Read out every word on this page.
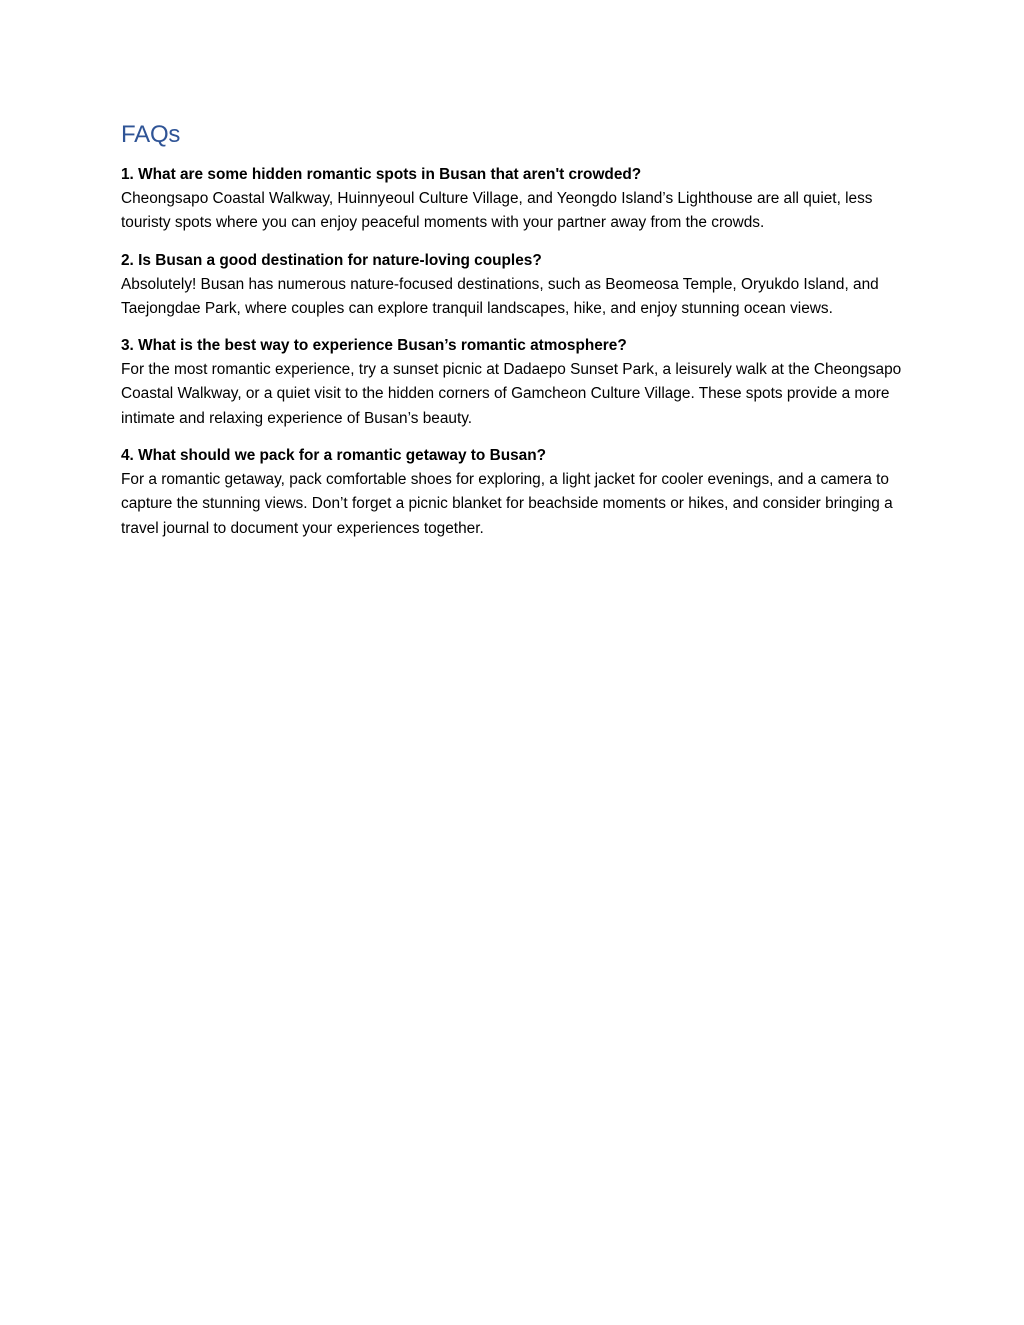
FAQs

1. What are some hidden romantic spots in Busan that aren't crowded?

Cheongsapo Coastal Walkway, Huinnyeoul Culture Village, and Yeongdo Island’s Lighthouse are all quiet, less touristy spots where you can enjoy peaceful moments with your partner away from the crowds.

2. Is Busan a good destination for nature-loving couples?

Absolutely! Busan has numerous nature-focused destinations, such as Beomeosa Temple, Oryukdo Island, and Taejongdae Park, where couples can explore tranquil landscapes, hike, and enjoy stunning ocean views.

3. What is the best way to experience Busan’s romantic atmosphere?

For the most romantic experience, try a sunset picnic at Dadaepo Sunset Park, a leisurely walk at the Cheongsapo Coastal Walkway, or a quiet visit to the hidden corners of Gamcheon Culture Village. These spots provide a more intimate and relaxing experience of Busan’s beauty.

4. What should we pack for a romantic getaway to Busan?

For a romantic getaway, pack comfortable shoes for exploring, a light jacket for cooler evenings, and a camera to capture the stunning views. Don’t forget a picnic blanket for beachside moments or hikes, and consider bringing a travel journal to document your experiences together.
